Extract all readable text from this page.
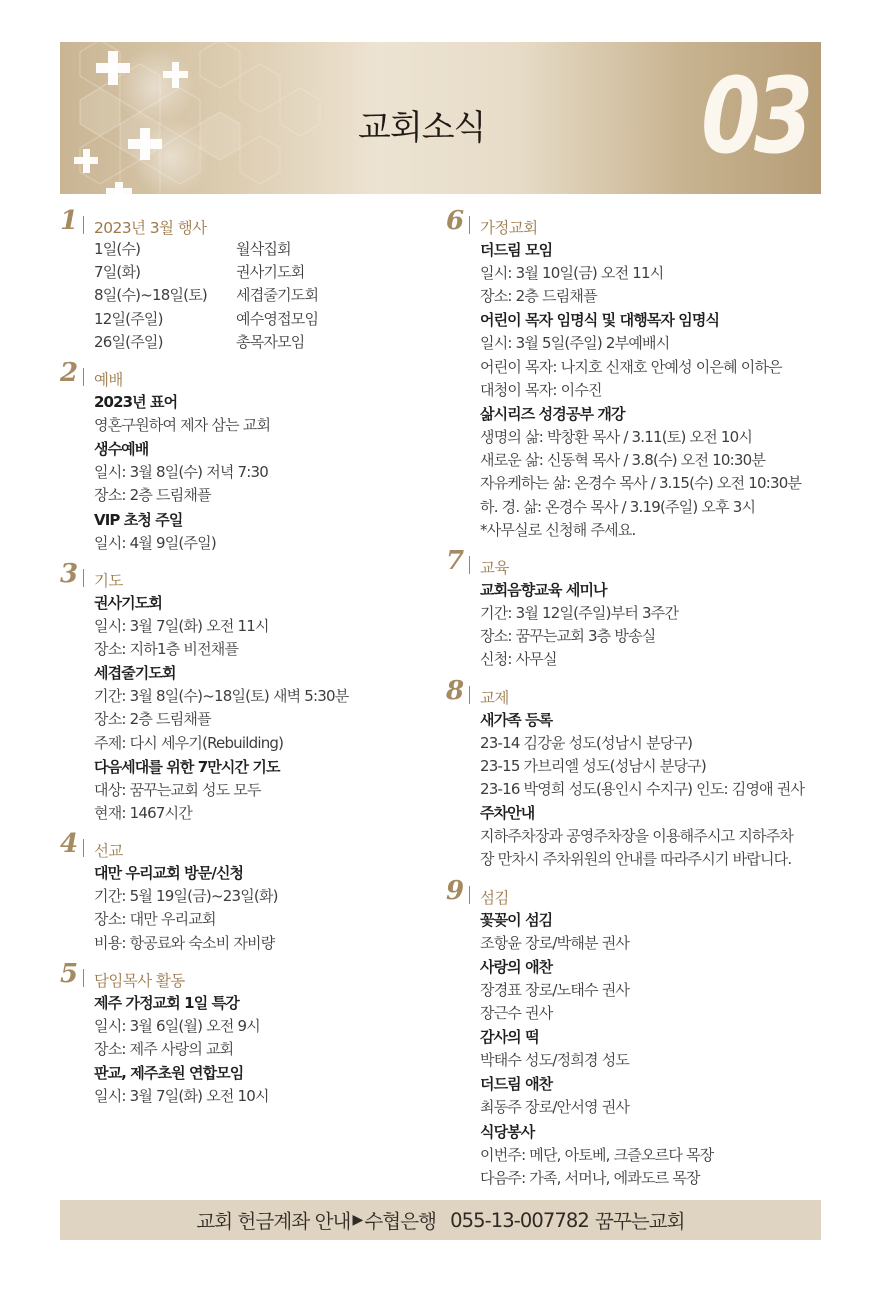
교회소식 03
1 2023년 3월 행사
1일(수)	월삭집회
7일(화)	권사기도회
8일(수)~18일(토)	세겹줄기도회
12일(주일)	예수영접모임
26일(주일)	총목자모임
2 예배
2023년 표어
영혼구원하여 제자 삼는 교회
생수예배
일시: 3월 8일(수) 저녁 7:30
장소: 2층 드림채플
VIP 초청 주일
일시: 4월 9일(주일)
3 기도
권사기도회
일시: 3월 7일(화) 오전 11시
장소: 지하1층 비전채플
세겹줄기도회
기간: 3월 8일(수)~18일(토) 새벽 5:30분
장소: 2층 드림채플
주제: 다시 세우기(Rebuilding)
다음세대를 위한 7만시간 기도
대상: 꿈꾸는교회 성도 모두
현재: 1467시간
4 선교
대만 우리교회 방문/신청
기간: 5월 19일(금)~23일(화)
장소: 대만 우리교회
비용: 항공료와 숙소비 자비량
5 담임목사 활동
제주 가정교회 1일 특강
일시: 3월 6일(월) 오전 9시
장소: 제주 사랑의 교회
판교, 제주초원 연합모임
일시: 3월 7일(화) 오전 10시
6 가정교회
더드림 모임
일시: 3월 10일(금) 오전 11시
장소: 2층 드림채플
어린이 목자 임명식 및 대행목자 임명식
일시: 3월 5일(주일) 2부예배시
어린이 목자: 나지호 신재호 안예성 이은혜 이하은
대청이 목자: 이수진
삶시리즈 성경공부 개강
생명의 삶: 박창환 목사 / 3.11(토) 오전 10시
새로운 삶: 신동혁 목사 / 3.8(수) 오전 10:30분
자유케하는 삶: 온경수 목사 / 3.15(수) 오전 10:30분
하. 경. 삶: 온경수 목사 / 3.19(주일) 오후 3시
*사무실로 신청해 주세요.
7 교육
교회음향교육 세미나
기간: 3월 12일(주일)부터 3주간
장소: 꿈꾸는교회 3층 방송실
신청: 사무실
8 교제
새가족 등록
23-14 김강윤 성도(성남시 분당구)
23-15 가브리엘 성도(성남시 분당구)
23-16 박영희 성도(용인시 수지구) 인도: 김영애 권사
주차안내
지하주차장과 공영주차장을 이용해주시고 지하주차
장 만차시 주차위원의 안내를 따라주시기 바랍니다.
9 섬김
꽃꽂이 섬김
조항윤 장로/박해분 권사
사랑의 애찬
장경표 장로/노태수 권사
장근수 권사
감사의 떡
박태수 성도/정희경 성도
더드림 애찬
최동주 장로/안서영 권사
식당봉사
이번주: 메단, 아토베, 크즐오르다 목장
다음주: 가족, 서머나, 에콰도르 목장
교회 헌금계좌 안내 ▶ 수협은행 055-13-007782 꿈꾸는교회
